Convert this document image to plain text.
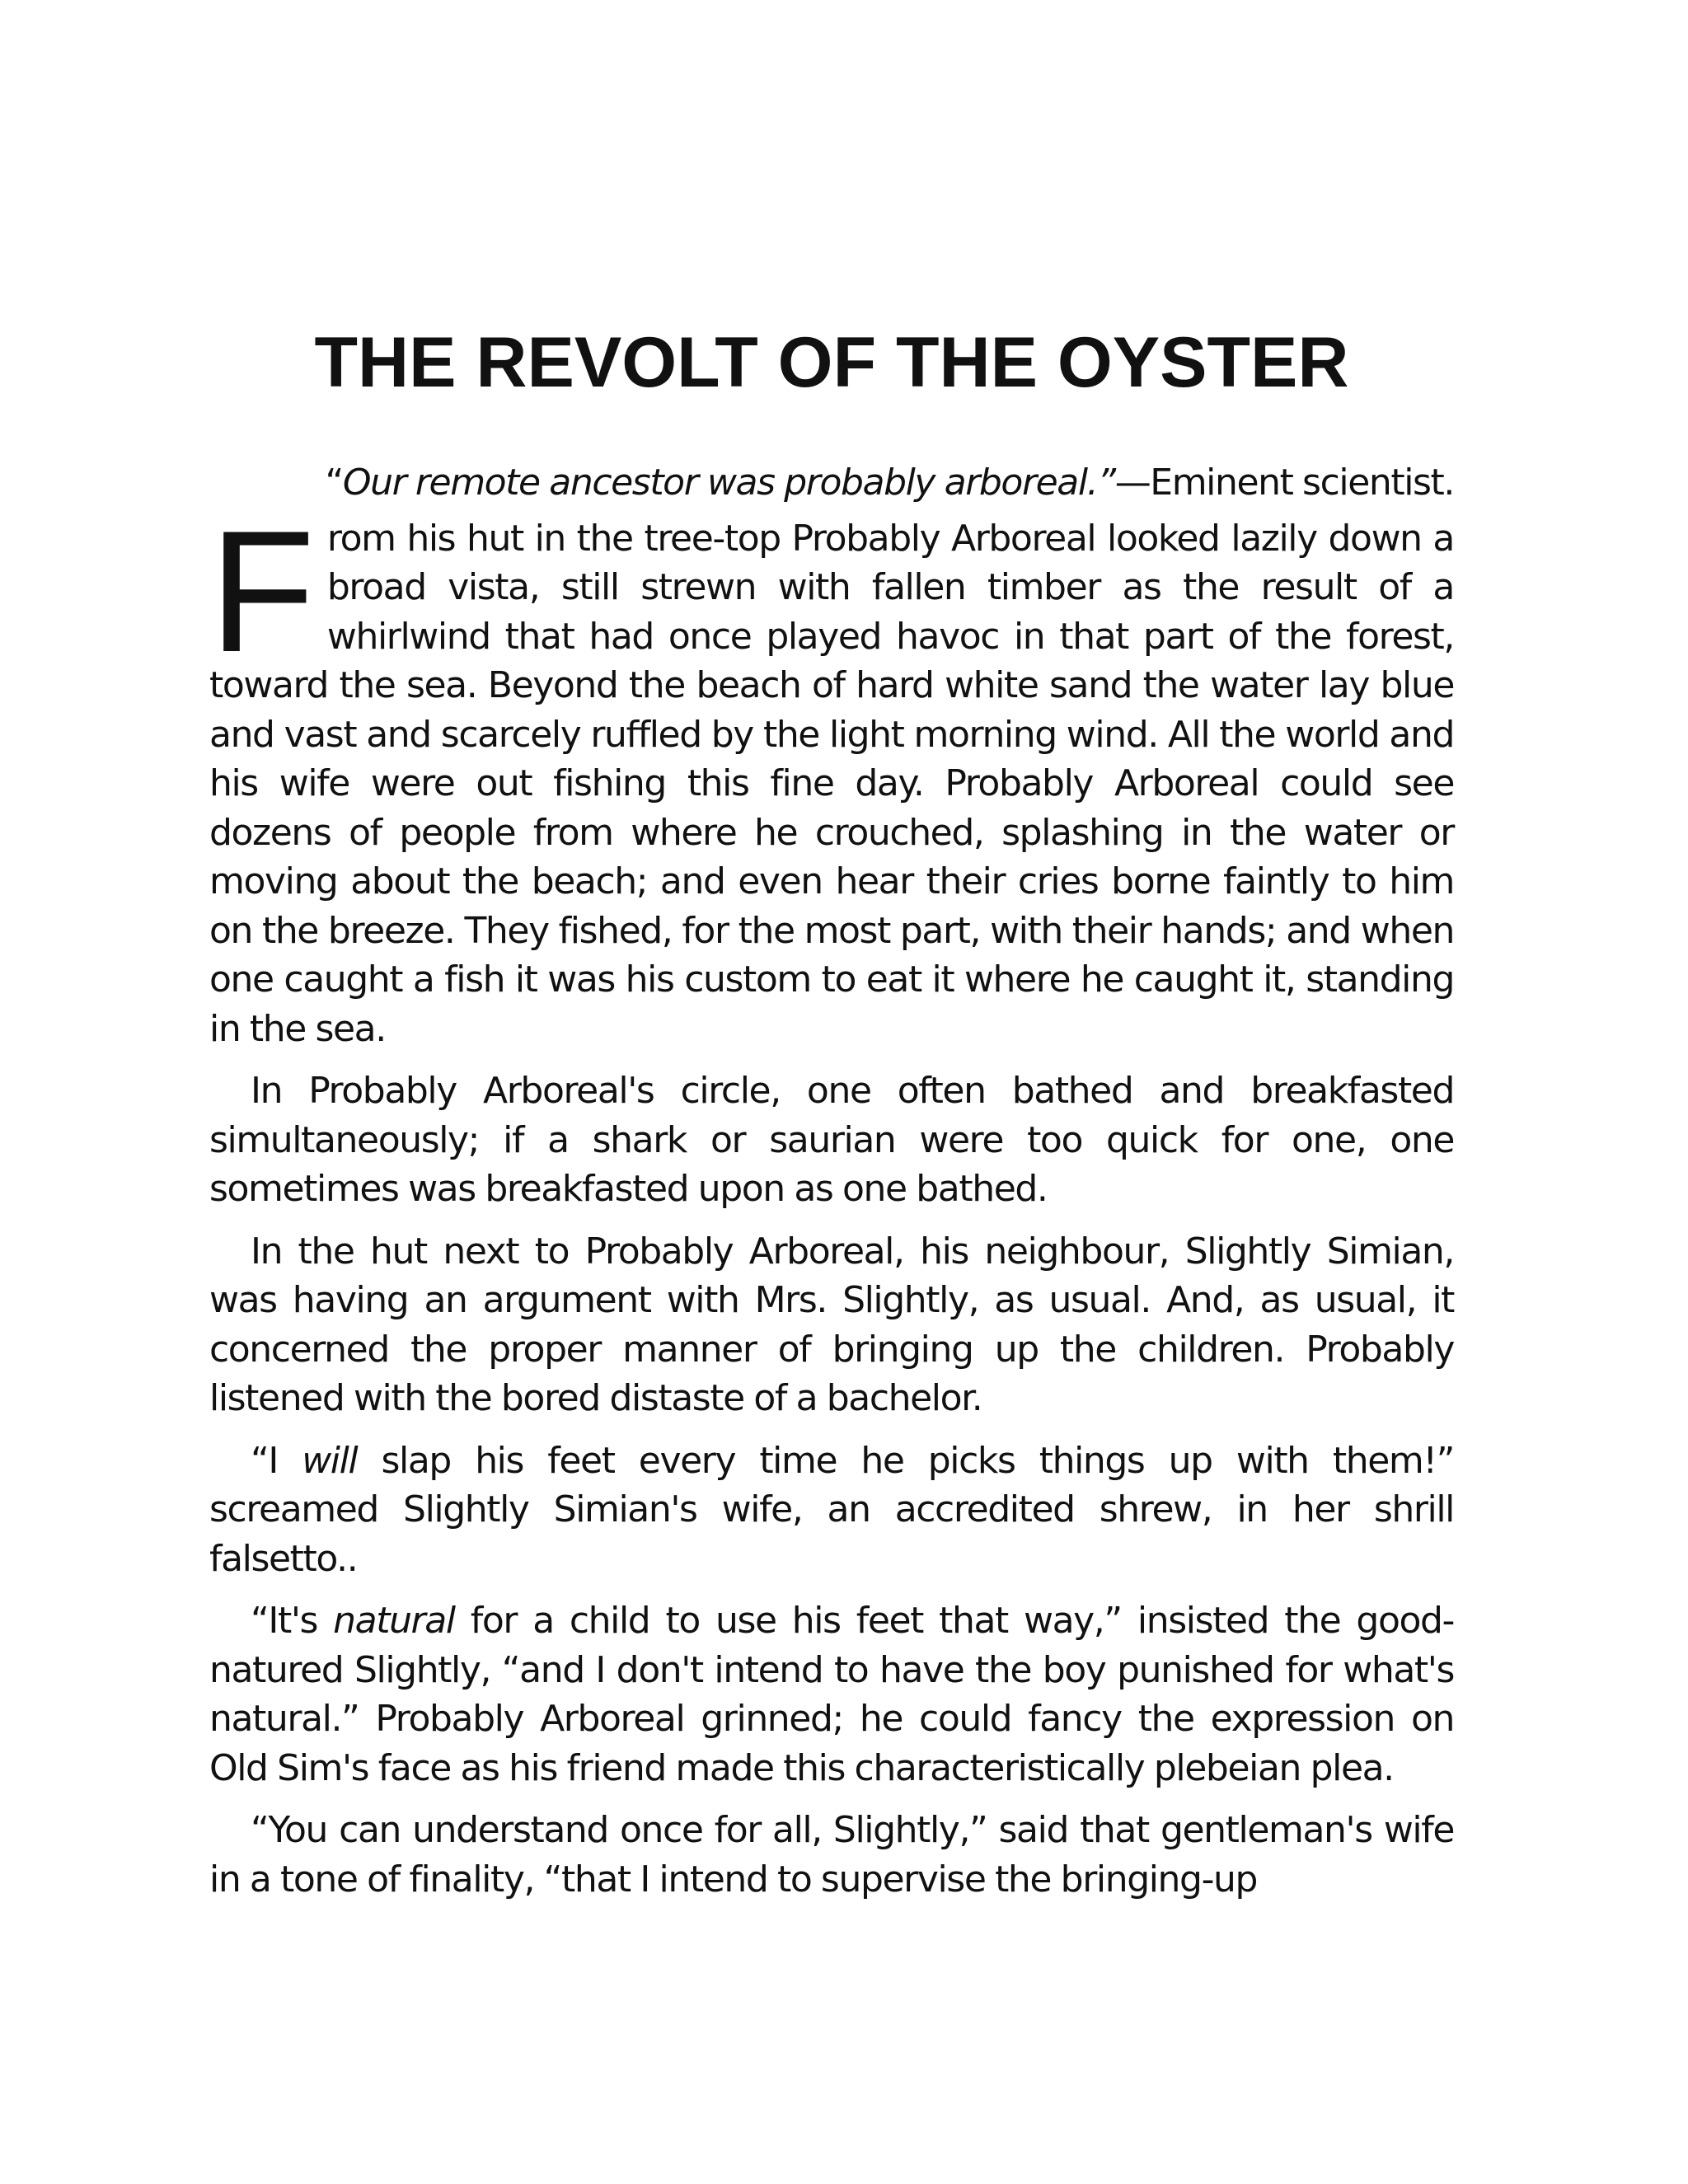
THE REVOLT OF THE OYSTER

“Our remote ancestor was probably arboreal.”—Eminent scientist.

From his hut in the tree-top Probably Arboreal looked lazily down a broad vista, still strewn with fallen timber as the result of a whirlwind that had once played havoc in that part of the forest, toward the sea. Beyond the beach of hard white sand the water lay blue and vast and scarcely ruffled by the light morning wind. All the world and his wife were out fishing this fine day. Probably Arboreal could see dozens of people from where he crouched, splashing in the water or moving about the beach; and even hear their cries borne faintly to him on the breeze. They fished, for the most part, with their hands; and when one caught a fish it was his custom to eat it where he caught it, standing in the sea.

In Probably Arboreal's circle, one often bathed and breakfasted simultaneously; if a shark or saurian were too quick for one, one sometimes was breakfasted upon as one bathed.

In the hut next to Probably Arboreal, his neighbour, Slightly Simian, was having an argument with Mrs. Slightly, as usual. And, as usual, it concerned the proper manner of bringing up the children. Probably listened with the bored distaste of a bachelor.

“I will slap his feet every time he picks things up with them!” screamed Slightly Simian's wife, an accredited shrew, in her shrill falsetto..

“It's natural for a child to use his feet that way,” insisted the good-natured Slightly, “and I don't intend to have the boy punished for what's natural.” Probably Arboreal grinned; he could fancy the expression on Old Sim's face as his friend made this characteristically plebeian plea.

“You can understand once for all, Slightly,” said that gentleman's wife in a tone of finality, “that I intend to supervise the bringing-up
